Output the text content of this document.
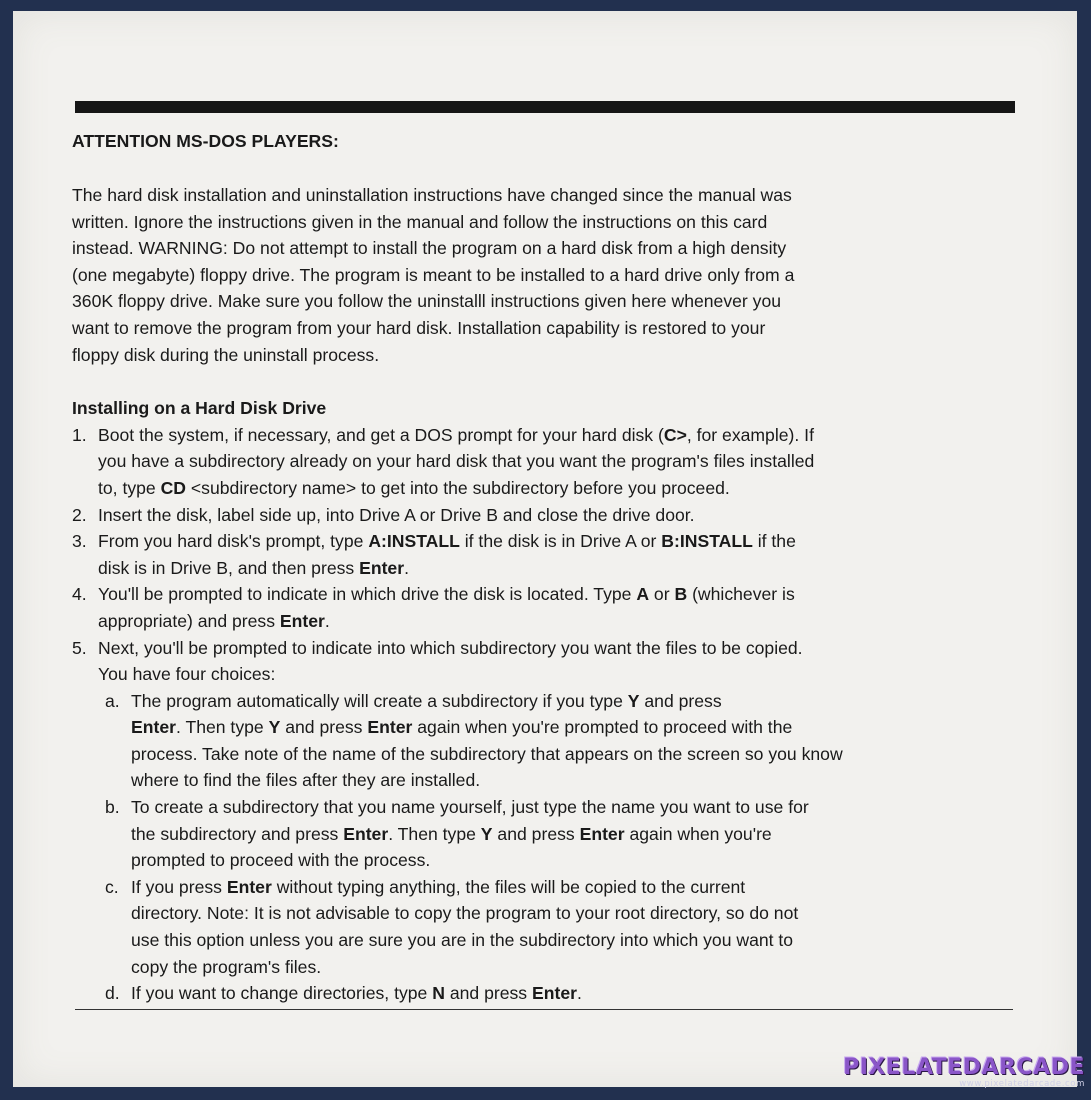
ATTENTION MS-DOS PLAYERS:

The hard disk installation and uninstallation instructions have changed since the manual was
written. Ignore the instructions given in the manual and follow the instructions on this card
instead. WARNING: Do not attempt to install the program on a hard disk from a high density
(one megabyte) floppy drive. The program is meant to be installed to a hard drive only from a
360K floppy drive. Make sure you follow the uninstalll instructions given here whenever you
want to remove the program from your hard disk. Installation capability is restored to your
floppy disk during the uninstall process.

Installing on a Hard Disk Drive

1. Boot the system, if necessary, and get a DOS prompt for your hard disk (C>, for example). If
you have a subdirectory already on your hard disk that you want the program's files installed
to, type CD <subdirectory name> to get into the subdirectory before you proceed.
2. Insert the disk, label side up, into Drive A or Drive B and close the drive door.
3. From you hard disk's prompt, type A:INSTALL if the disk is in Drive A or B:INSTALL if the
disk is in Drive B, and then press Enter.
4. You'll be prompted to indicate in which drive the disk is located. Type A or B (whichever is
appropriate) and press Enter.
5. Next, you'll be prompted to indicate into which subdirectory you want the files to be copied.
You have four choices:
a. The program automatically will create a subdirectory if you type Y and press
Enter. Then type Y and press Enter again when you're prompted to proceed with the
process. Take note of the name of the subdirectory that appears on the screen so you know
where to find the files after they are installed.
b. To create a subdirectory that you name yourself, just type the name you want to use for
the subdirectory and press Enter. Then type Y and press Enter again when you're
prompted to proceed with the process.
c. If you press Enter without typing anything, the files will be copied to the current
directory. Note: It is not advisable to copy the program to your root directory, so do not
use this option unless you are sure you are in the subdirectory into which you want to
copy the program's files.
d. If you want to change directories, type N and press Enter.
PIXELATEDARCADE
www.pixelatedarcade.com
